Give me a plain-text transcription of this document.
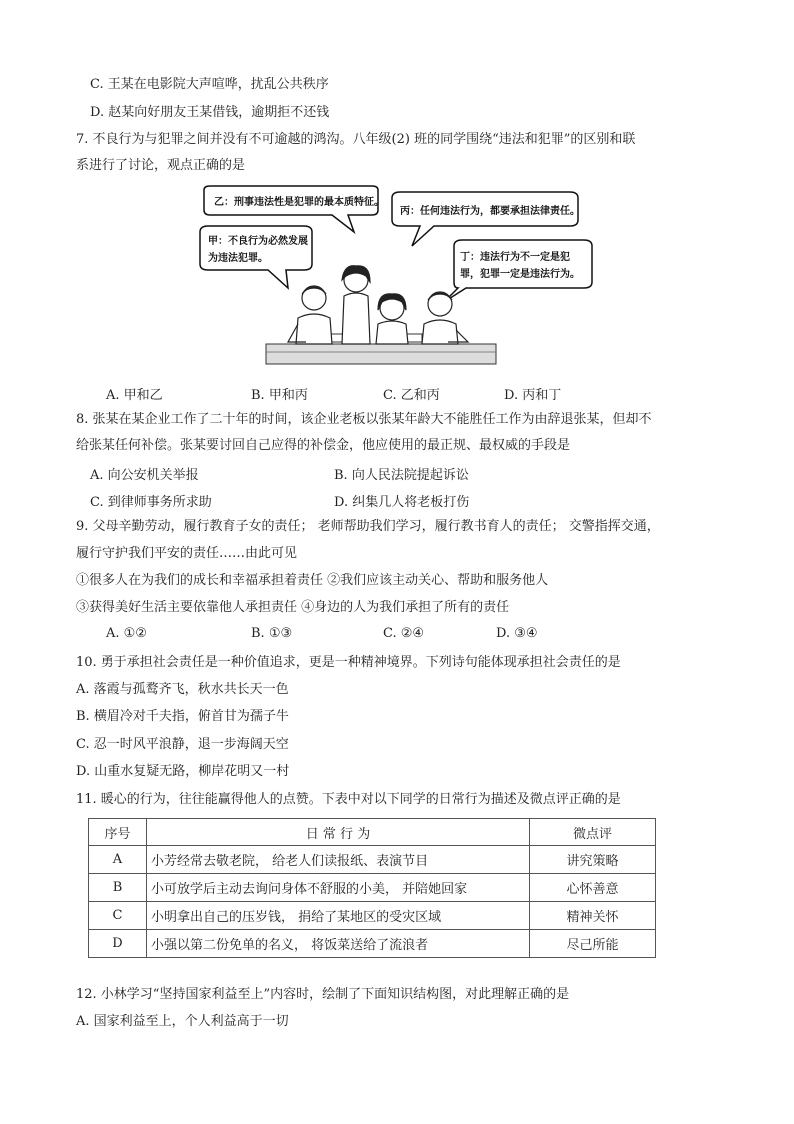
C. 王某在电影院大声喧哗，扰乱公共秩序
D. 赵某向好朋友王某借钱，逾期拒不还钱
7. 不良行为与犯罪之间并没有不可逾越的鸿沟。八年级(2) 班的同学围绕“违法和犯罪”的区别和联
系进行了讨论，观点正确的是
乙：刑事违法性是犯罪的最本质特征。
丙：任何违法行为，都要承担法律责任。
甲：不良行为必然发展
为违法犯罪。	丁：违法行为不一定是犯
罪，犯罪一定是违法行为。
A. 甲和乙	B. 甲和丙	C. 乙和丙	D. 丙和丁
8. 张某在某企业工作了二十年的时间，该企业老板以张某年龄大不能胜任工作为由辞退张某，但却不
给张某任何补偿。张某要讨回自己应得的补偿金，他应使用的最正规、最权威的手段是
A. 向公安机关举报	B. 向人民法院提起诉讼
C. 到律师事务所求助	D. 纠集几人将老板打伤
9. 父母辛勤劳动，履行教育子女的责任； 老师帮助我们学习，履行教书育人的责任； 交警指挥交通，
履行守护我们平安的责任……由此可见
①很多人在为我们的成长和幸福承担着责任 ②我们应该主动关心、帮助和服务他人
③获得美好生活主要依靠他人承担责任 ④身边的人为我们承担了所有的责任
A. ①②	B. ①③	C. ②④	D. ③④
10. 勇于承担社会责任是一种价值追求，更是一种精神境界。下列诗句能体现承担社会责任的是
A. 落霞与孤鹜齐飞，秋水共长天一色
B. 横眉冷对千夫指，俯首甘为孺子牛
C. 忍一时风平浪静，退一步海阔天空
D. 山重水复疑无路，柳岸花明又一村
11. 暖心的行为，往往能赢得他人的点赞。下表中对以下同学的日常行为描述及微点评正确的是
序号	日 常 行 为	微点评
A	小芳经常去敬老院， 给老人们读报纸、表演节目	讲究策略
B	小可放学后主动去询问身体不舒服的小美， 并陪她回家	心怀善意
C	小明拿出自己的压岁钱， 捐给了某地区的受灾区域	精神关怀
D	小强以第二份免单的名义， 将饭菜送给了流浪者	尽己所能
12. 小林学习“坚持国家利益至上”内容时，绘制了下面知识结构图，对此理解正确的是
A. 国家利益至上，个人利益高于一切
